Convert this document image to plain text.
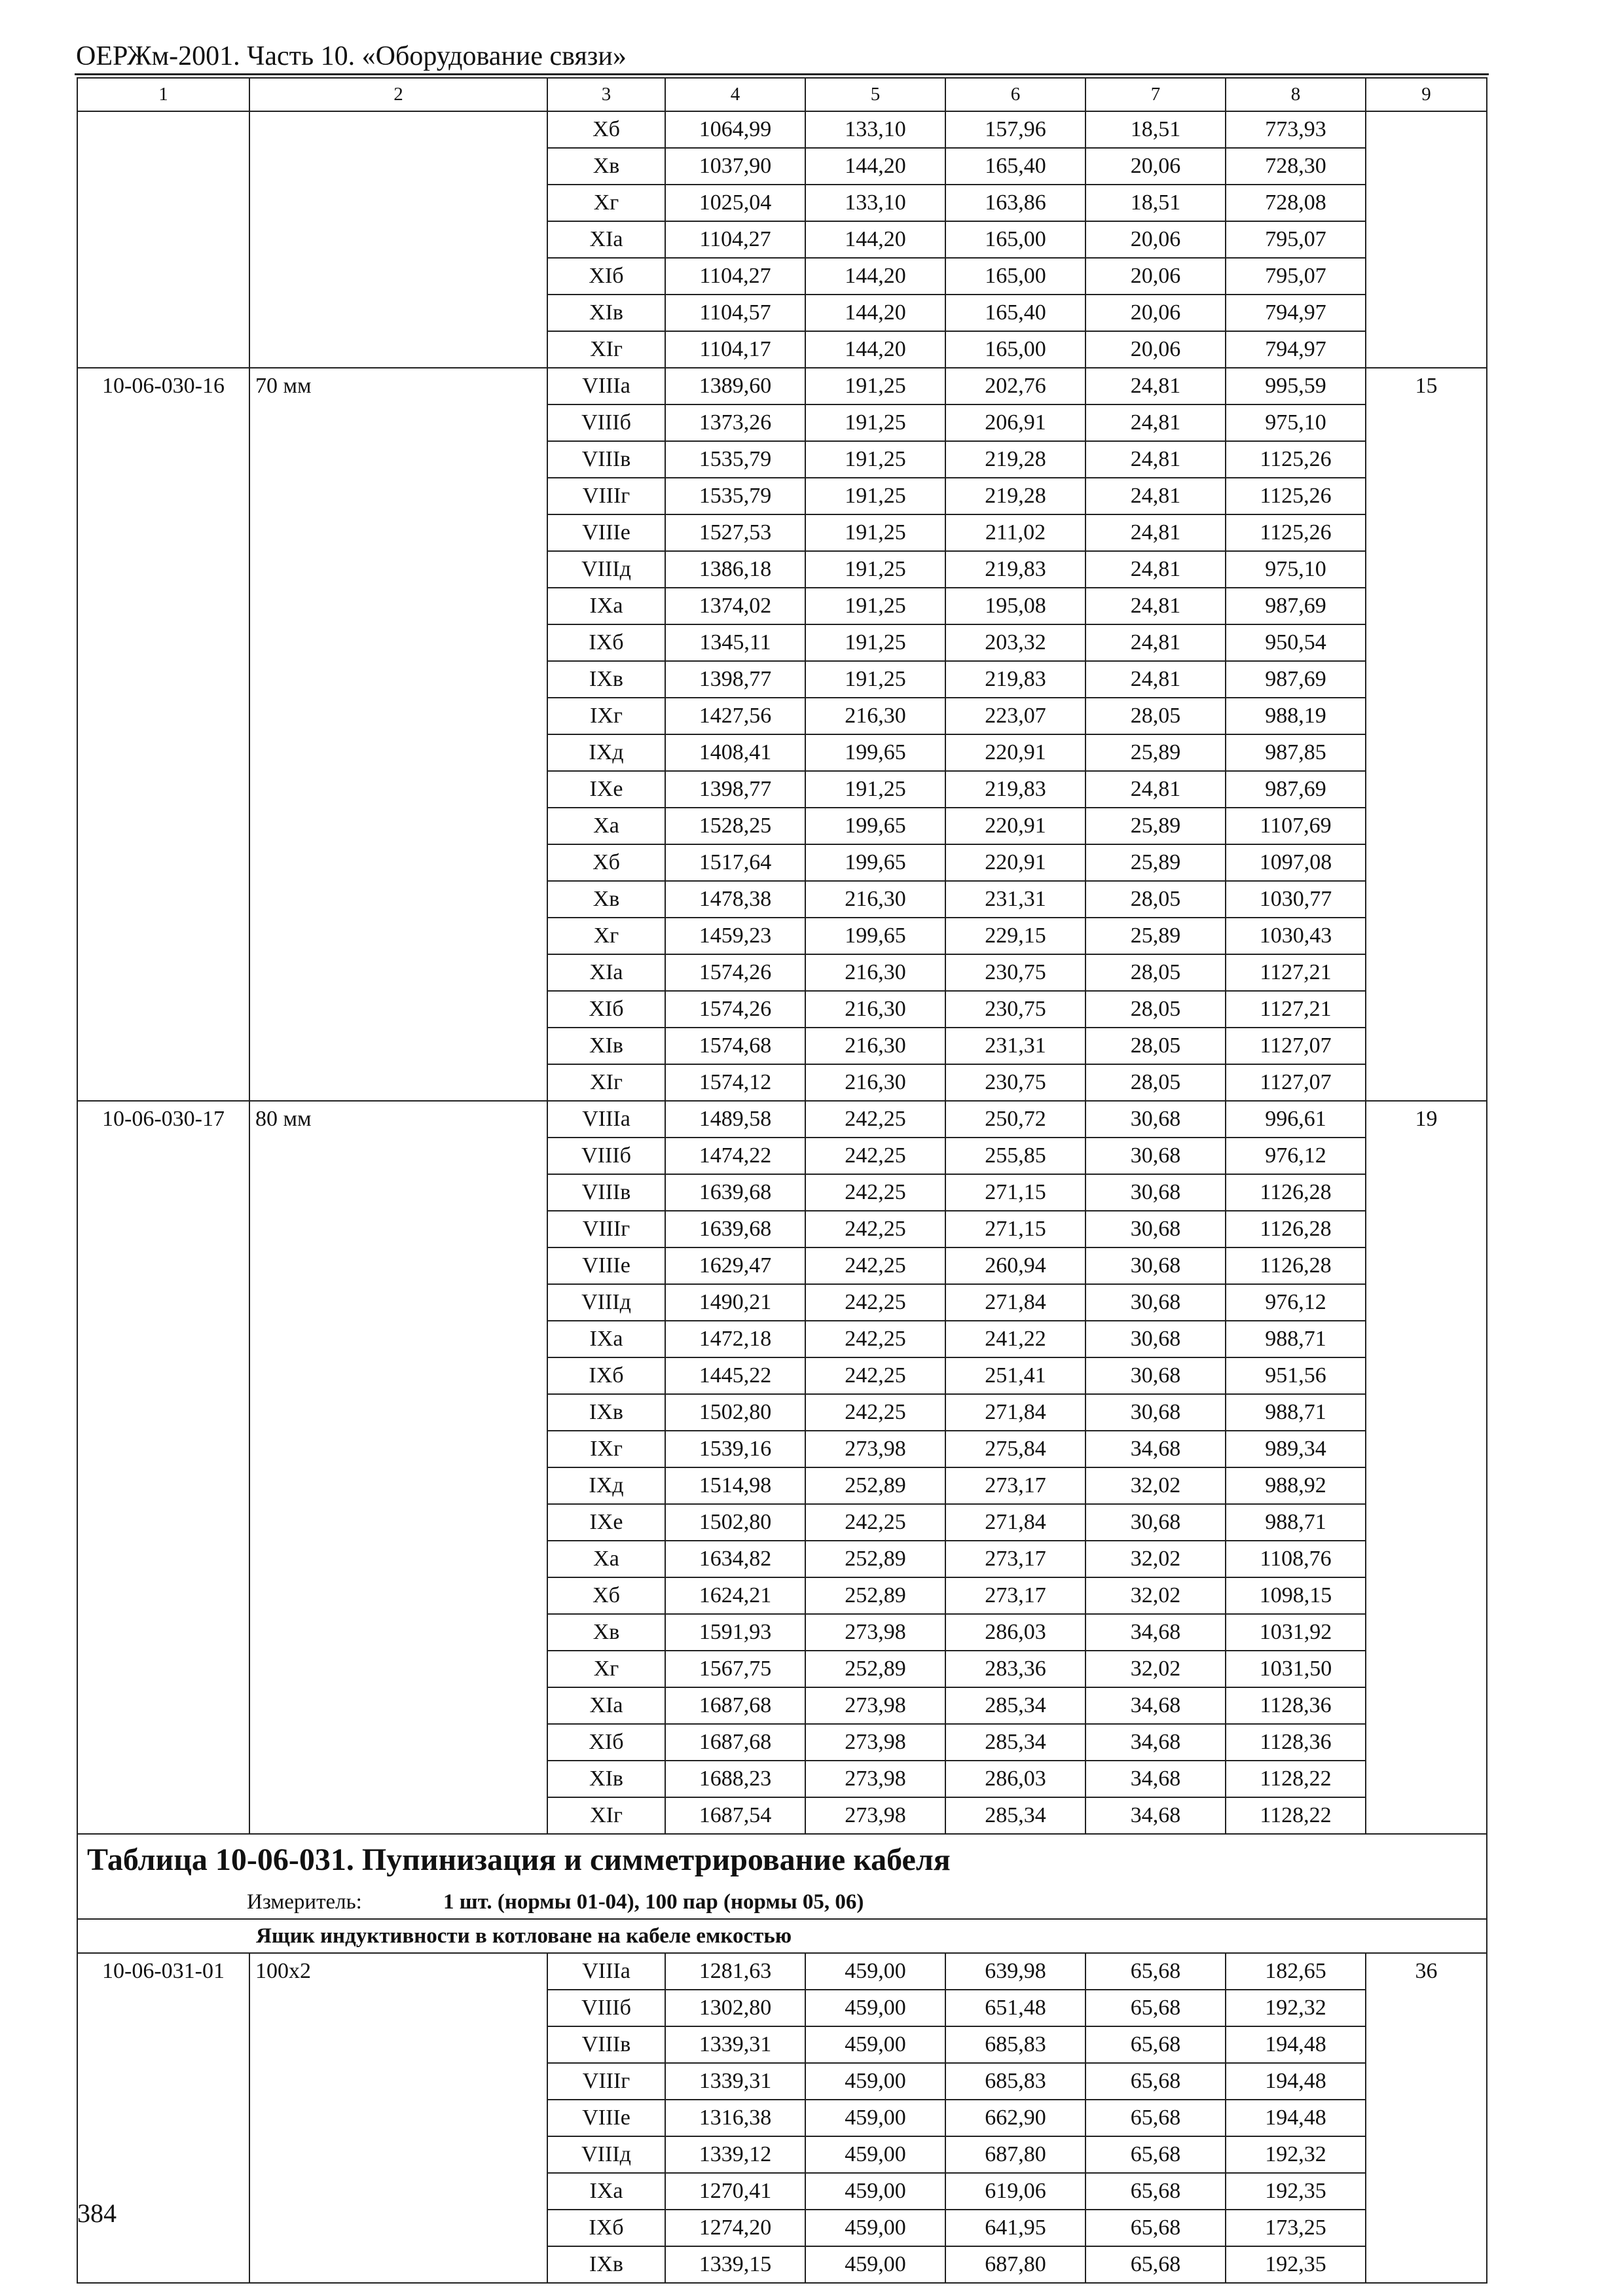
ОЕРЖм-2001. Часть 10. «Оборудование связи»
1	2	3	4	5	6	7	8	9
		Xб	1064,99	133,10	157,96	18,51	773,93	
		Xв	1037,90	144,20	165,40	20,06	728,30	
		Xг	1025,04	133,10	163,86	18,51	728,08	
		XIa	1104,27	144,20	165,00	20,06	795,07	
		XIб	1104,27	144,20	165,00	20,06	795,07	
		XIв	1104,57	144,20	165,40	20,06	794,97	
		XIг	1104,17	144,20	165,00	20,06	794,97	
10-06-030-16	70 мм	VIIIa	1389,60	191,25	202,76	24,81	995,59	15
		VIIIб	1373,26	191,25	206,91	24,81	975,10	
		VIIIв	1535,79	191,25	219,28	24,81	1125,26	
		VIIIг	1535,79	191,25	219,28	24,81	1125,26	
		VIIIe	1527,53	191,25	211,02	24,81	1125,26	
		VIIIд	1386,18	191,25	219,83	24,81	975,10	
		IXa	1374,02	191,25	195,08	24,81	987,69	
		IXб	1345,11	191,25	203,32	24,81	950,54	
		IXв	1398,77	191,25	219,83	24,81	987,69	
		IXг	1427,56	216,30	223,07	28,05	988,19	
		IXд	1408,41	199,65	220,91	25,89	987,85	
		IXe	1398,77	191,25	219,83	24,81	987,69	
		Xa	1528,25	199,65	220,91	25,89	1107,69	
		Xб	1517,64	199,65	220,91	25,89	1097,08	
		Xв	1478,38	216,30	231,31	28,05	1030,77	
		Xг	1459,23	199,65	229,15	25,89	1030,43	
		XIa	1574,26	216,30	230,75	28,05	1127,21	
		XIб	1574,26	216,30	230,75	28,05	1127,21	
		XIв	1574,68	216,30	231,31	28,05	1127,07	
		XIг	1574,12	216,30	230,75	28,05	1127,07	
10-06-030-17	80 мм	VIIIa	1489,58	242,25	250,72	30,68	996,61	19
		VIIIб	1474,22	242,25	255,85	30,68	976,12	
		VIIIв	1639,68	242,25	271,15	30,68	1126,28	
		VIIIг	1639,68	242,25	271,15	30,68	1126,28	
		VIIIe	1629,47	242,25	260,94	30,68	1126,28	
		VIIIд	1490,21	242,25	271,84	30,68	976,12	
		IXa	1472,18	242,25	241,22	30,68	988,71	
		IXб	1445,22	242,25	251,41	30,68	951,56	
		IXв	1502,80	242,25	271,84	30,68	988,71	
		IXг	1539,16	273,98	275,84	34,68	989,34	
		IXд	1514,98	252,89	273,17	32,02	988,92	
		IXe	1502,80	242,25	271,84	30,68	988,71	
		Xa	1634,82	252,89	273,17	32,02	1108,76	
		Xб	1624,21	252,89	273,17	32,02	1098,15	
		Xв	1591,93	273,98	286,03	34,68	1031,92	
		Xг	1567,75	252,89	283,36	32,02	1031,50	
		XIa	1687,68	273,98	285,34	34,68	1128,36	
		XIб	1687,68	273,98	285,34	34,68	1128,36	
		XIв	1688,23	273,98	286,03	34,68	1128,22	
		XIг	1687,54	273,98	285,34	34,68	1128,22	
Таблица 10-06-031. Пупинизация и симметрирование кабеля								
Измеритель: 1 шт. (нормы 01-04), 100 пар (нормы 05, 06)								
Ящик индуктивности в котловане на кабеле емкостью								
10-06-031-01	100x2	VIIIa	1281,63	459,00	639,98	65,68	182,65	36
		VIIIб	1302,80	459,00	651,48	65,68	192,32	
		VIIIв	1339,31	459,00	685,83	65,68	194,48	
		VIIIг	1339,31	459,00	685,83	65,68	194,48	
		VIIIe	1316,38	459,00	662,90	65,68	194,48	
		VIIIд	1339,12	459,00	687,80	65,68	192,32	
		IXa	1270,41	459,00	619,06	65,68	192,35	
		IXб	1274,20	459,00	641,95	65,68	173,25	
		IXв	1339,15	459,00	687,80	65,68	192,35	
384
